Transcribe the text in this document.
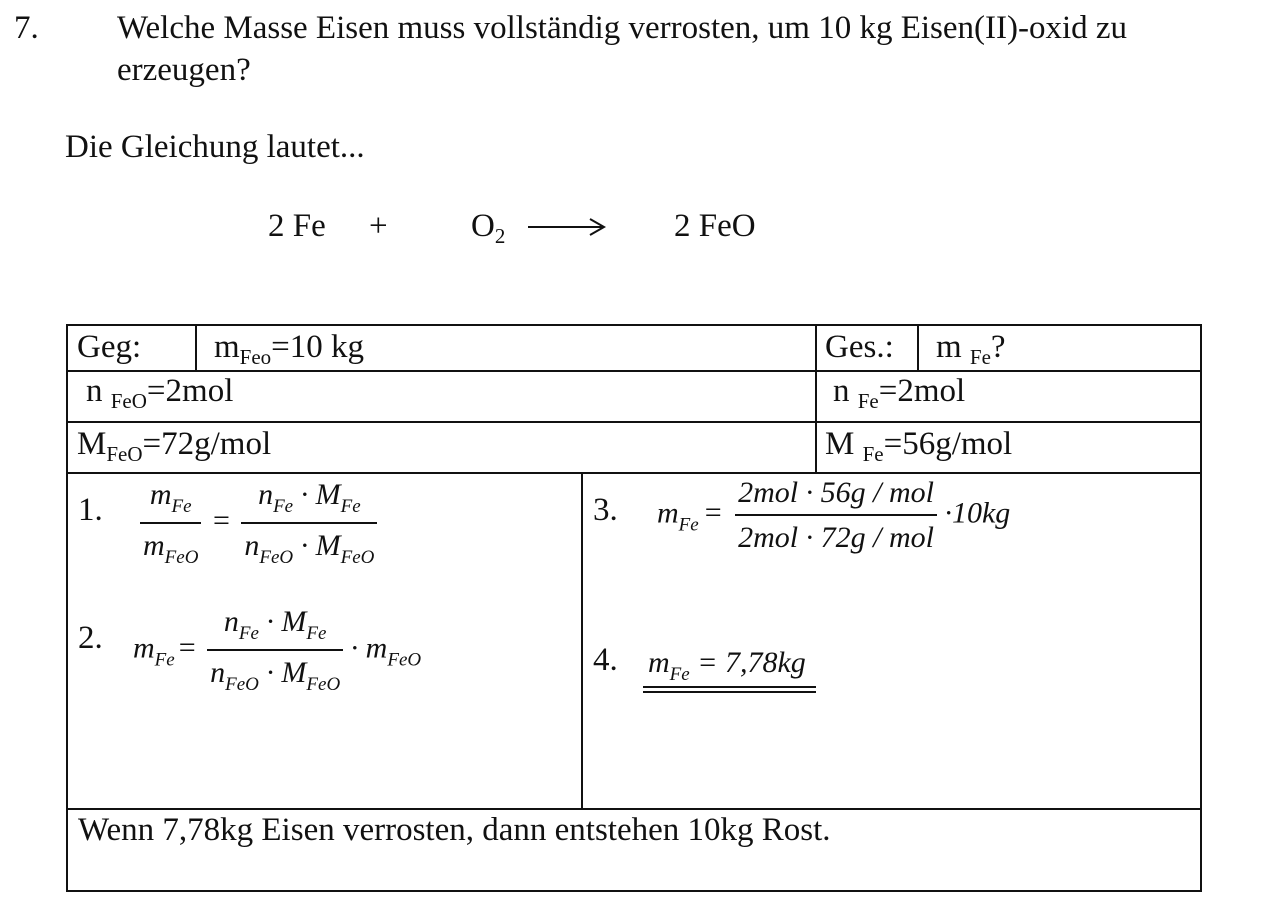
7. Welche Masse Eisen muss vollständig verrosten, um 10 kg Eisen(II)-oxid zu
erzeugen?
Die Gleichung lautet...
2 Fe +	$O_2$	2 FeO
Geg: $m_{Feo}=10$ kg	Ges.: m $_{Fe}$?
n $_{FeO}$=2mol	n $_{Fe}$=2mol
$M_{FeO}=72g$/mol	M $_{Fe}$=56g/mol
1. $\frac{m_{Fe}}{m_{FeO}} = \frac{n_{Fe} \cdot M_{Fe}}{n_{FeO} \cdot M_{FeO}}$
2. $m_{Fe} = \frac{n_{Fe} \cdot M_{Fe}}{n_{FeO} \cdot M_{FeO}} \cdot m_{FeO}$
3. $m_{Fe} = \frac{\text{2mol · 56g / mol}}{\text{2mol · 72g / mol}} \cdot 10kg$
4. $m_{Fe} = 7,78kg$
Wenn 7,78kg Eisen verrosten, dann entstehen 10kg Rost.
